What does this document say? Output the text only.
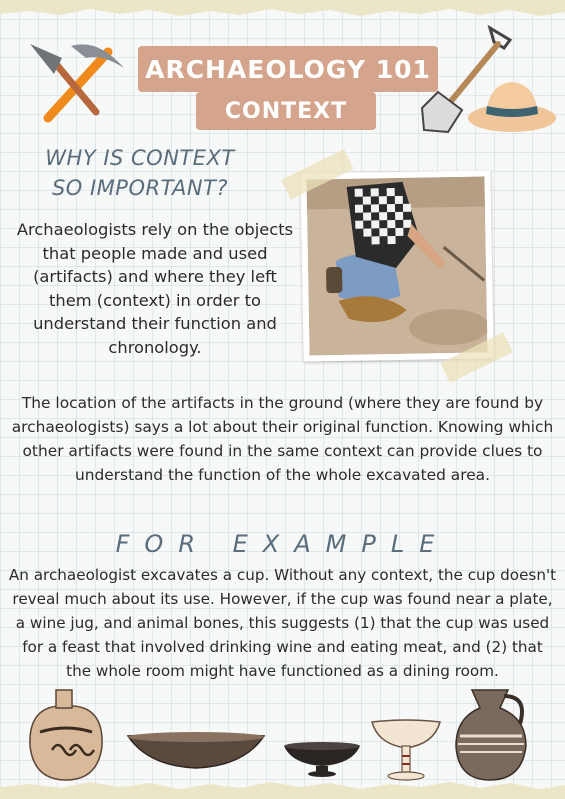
ARCHAEOLOGY 101
CONTEXT
WHY IS CONTEXT
SO IMPORTANT?

Archaeologists rely on the objects that people made and used (artifacts) and where they left them (context) in order to understand their function and chronology.

The location of the artifacts in the ground (where they are found by archaeologists) says a lot about their original function. Knowing which other artifacts were found in the same context can provide clues to understand the function of the whole excavated area.

FOR EXAMPLE

An archaeologist excavates a cup. Without any context, the cup doesn't reveal much about its use. However, if the cup was found near a plate, a wine jug, and animal bones, this suggests (1) that the cup was used for a feast that involved drinking wine and eating meat, and (2) that the whole room might have functioned as a dining room.
